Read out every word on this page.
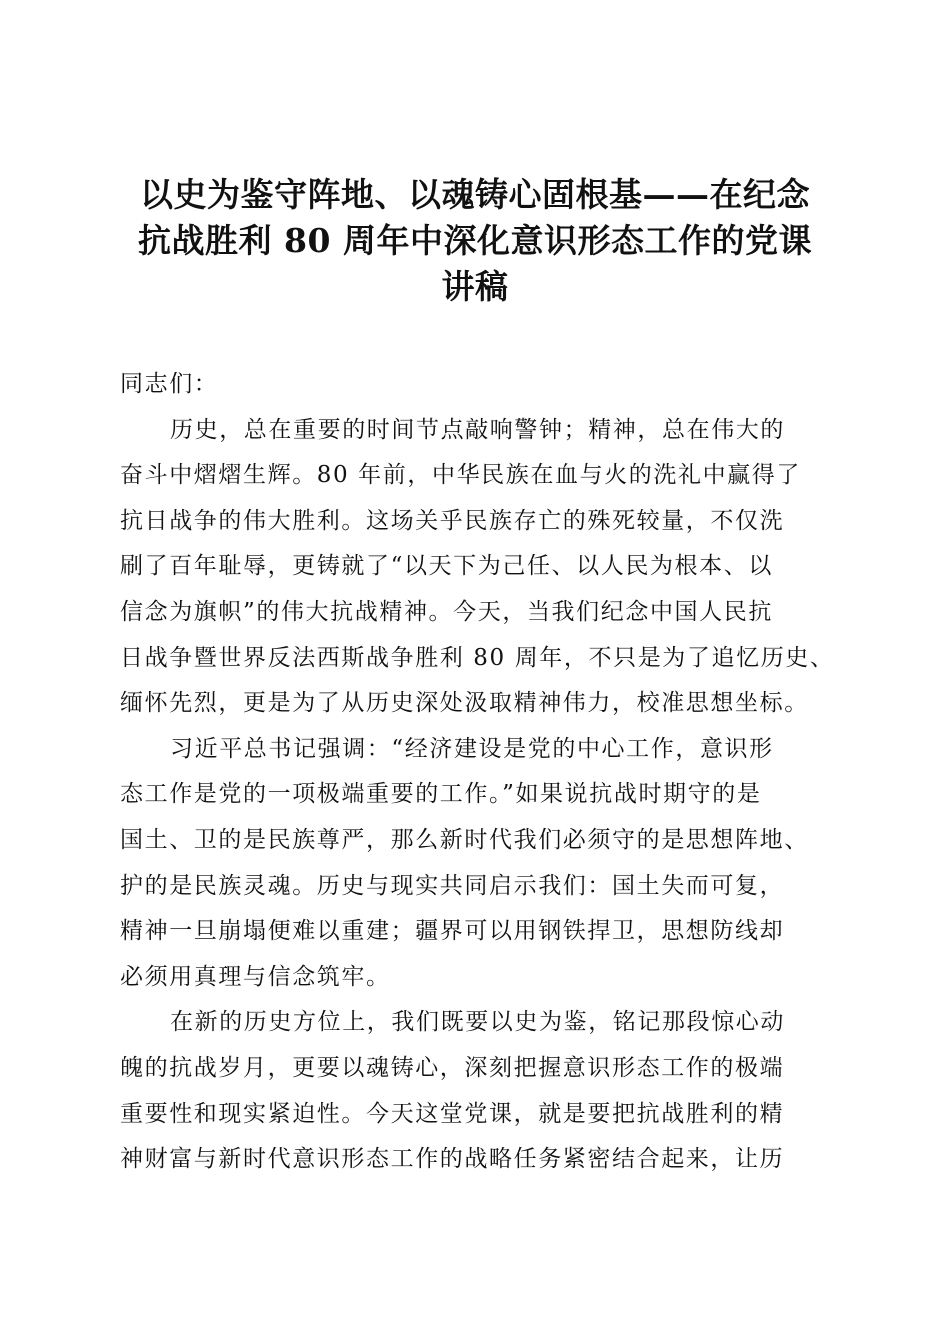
以史为鉴守阵地、以魂铸心固根基——在纪念
抗战胜利 80 周年中深化意识形态工作的党课
讲稿
同志们：
历史，总在重要的时间节点敲响警钟；精神，总在伟大的
奋斗中熠熠生辉。80 年前，中华民族在血与火的洗礼中赢得了
抗日战争的伟大胜利。这场关乎民族存亡的殊死较量，不仅洗
刷了百年耻辱，更铸就了“以天下为己任、以人民为根本、以
信念为旗帜”的伟大抗战精神。今天，当我们纪念中国人民抗
日战争暨世界反法西斯战争胜利 80 周年，不只是为了追忆历史、
缅怀先烈，更是为了从历史深处汲取精神伟力，校准思想坐标。
习近平总书记强调：“经济建设是党的中心工作，意识形
态工作是党的一项极端重要的工作。”如果说抗战时期守的是
国土、卫的是民族尊严，那么新时代我们必须守的是思想阵地、
护的是民族灵魂。历史与现实共同启示我们：国土失而可复，
精神一旦崩塌便难以重建；疆界可以用钢铁捍卫，思想防线却
必须用真理与信念筑牢。
在新的历史方位上，我们既要以史为鉴，铭记那段惊心动
魄的抗战岁月，更要以魂铸心，深刻把握意识形态工作的极端
重要性和现实紧迫性。今天这堂党课，就是要把抗战胜利的精
神财富与新时代意识形态工作的战略任务紧密结合起来，让历
